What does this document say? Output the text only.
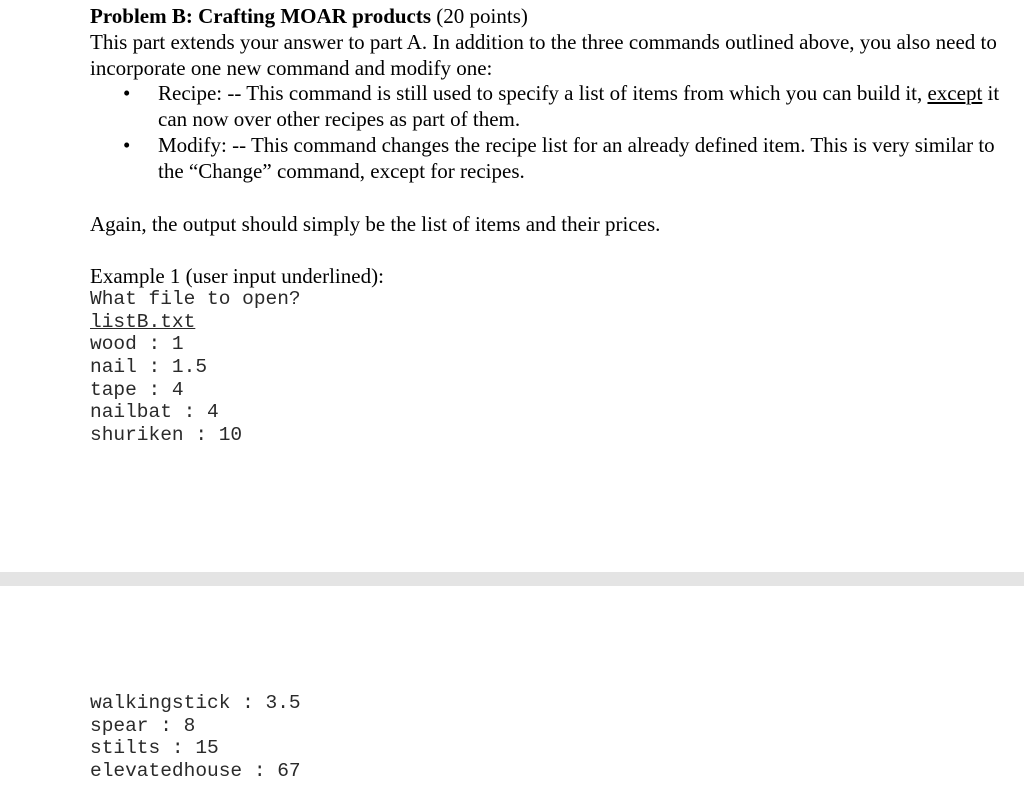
Problem B: Crafting MOAR products (20 points)
This part extends your answer to part A. In addition to the three commands outlined above, you also need to incorporate one new command and modify one:
• Recipe: -- This command is still used to specify a list of items from which you can build it, except it can now over other recipes as part of them.
• Modify: -- This command changes the recipe list for an already defined item. This is very similar to the “Change” command, except for recipes.
Again, the output should simply be the list of items and their prices.
Example 1 (user input underlined):
What file to open?
listB.txt
wood : 1
nail : 1.5
tape : 4
nailbat : 4
shuriken : 10
walkingstick : 3.5
spear : 8
stilts : 15
elevatedhouse : 67
